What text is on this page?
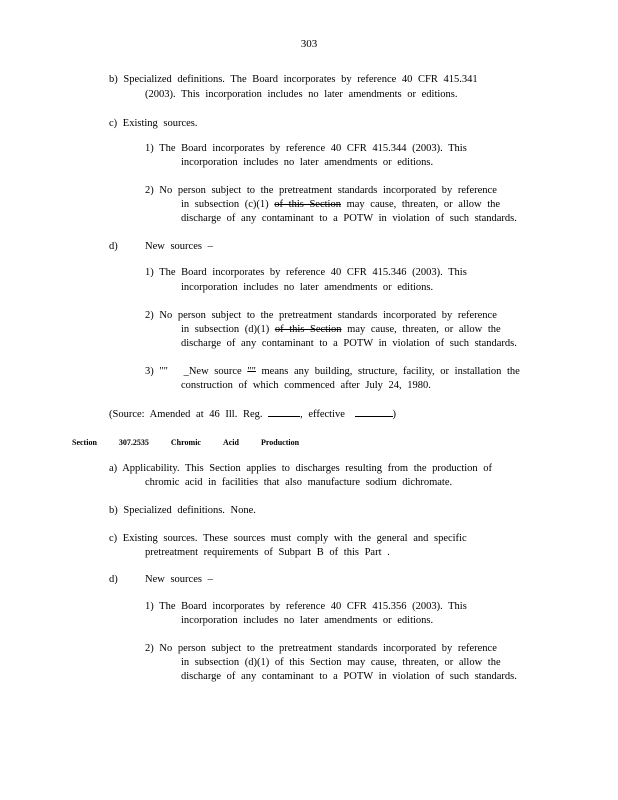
303
b) Specialized definitions. The Board incorporates by reference 40 CFR 415.341
(2003). This incorporation includes no later amendments or editions.
c) Existing sources.
1) The Board incorporates by reference 40 CFR 415.344 (2003). This
incorporation includes no later amendments or editions.
2) No person subject to the pretreatment standards incorporated by reference
in subsection (c)(1) of this Section may cause, threaten, or allow the
discharge of any contaminant to a POTW in violation of such standards.
d)	New sources –
1) The Board incorporates by reference 40 CFR 415.346 (2003). This
incorporation includes no later amendments or editions.
2) No person subject to the pretreatment standards incorporated by reference
in subsection (d)(1) of this Section may cause, threaten, or allow the
discharge of any contaminant to a POTW in violation of such standards.
3) "" _New source "" means any building, structure, facility, or installation the
construction of which commenced after July 24, 1980.
(Source: Amended at 46 Ill. Reg.	, effective	)
Section	307.2535	Chromic	Acid	Production
a) Applicability. This Section applies to discharges resulting from the production of
chromic acid in facilities that also manufacture sodium dichromate.
b) Specialized definitions. None.
c) Existing sources. These sources must comply with the general and specific
pretreatment requirements of Subpart B of this Part .
d)	New sources –
1) The Board incorporates by reference 40 CFR 415.356 (2003). This
incorporation includes no later amendments or editions.
2) No person subject to the pretreatment standards incorporated by reference
in subsection (d)(1) of this Section may cause, threaten, or allow the
discharge of any contaminant to a POTW in violation of such standards.
